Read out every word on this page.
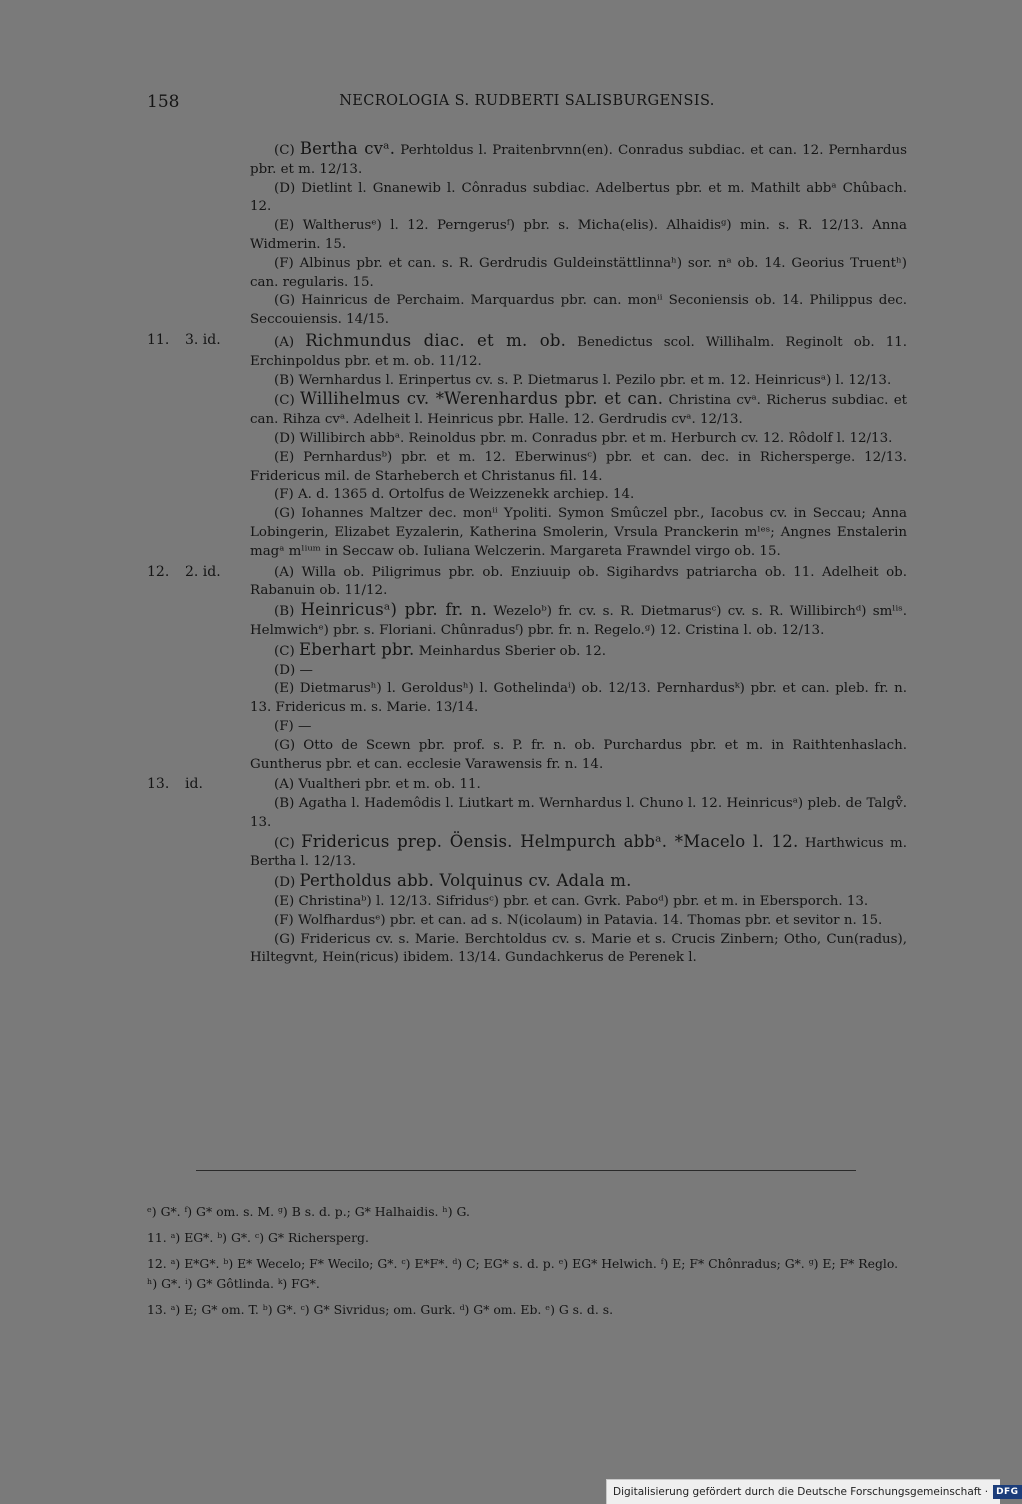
158	NECROLOGIA S. RUDBERTI SALISBURGENSIS.

(C) Bertha cvᵃ. Perhtoldus l. Praitenbrvnn(en). Conradus subdiac. et can. 12. Pernhardus pbr. et m. 12/13.

(D) Dietlint l. Gnanewib l. Cônradus subdiac. Adelbertus pbr. et m. Mathilt abbᵃ Chûbach. 12.

(E) Waltherusᵉ) l. 12. Perngerusᶠ) pbr. s. Micha(elis). Alhaidisᵍ) min. s. R. 12/13. Anna Widmerin. 15.

(F) Albinus pbr. et can. s. R. Gerdrudis Guldeinstättlinnaʰ) sor. nᵃ ob. 14. Georius Truentʰ) can. regularis. 15.

(G) Hainricus de Perchaim. Marquardus pbr. can. monⁱⁱ Seconiensis ob. 14. Philippus dec. Seccouiensis. 14/15.

11. 3. id.	(A) Richmundus diac. et m. ob. Benedictus scol. Willihalm. Reginolt ob. 11. Erchinpoldus pbr. et m. ob. 11/12.

(B) Wernhardus l. Erinpertus cv. s. P. Dietmarus l. Pezilo pbr. et m. 12. Heinricusᵃ) l. 12/13.

(C) Willihelmus cv. *Werenhardus pbr. et can. Christina cvᵃ. Richerus subdiac. et can. Rihza cvᵃ. Adelheit l. Heinricus pbr. Halle. 12. Gerdrudis cvᵃ. 12/13.

(D) Willibirch abbᵃ. Reinoldus pbr. m. Conradus pbr. et m. Herburch cv. 12. Rôdolf l. 12/13.

(E) Pernhardusᵇ) pbr. et m. 12. Eberwinusᶜ) pbr. et can. dec. in Richersperge. 12/13. Fridericus mil. de Starheberch et Christanus fil. 14.

(F) A. d. 1365 d. Ortolfus de Weizzenekk archiep. 14.

(G) Iohannes Maltzer dec. monⁱⁱ Ypoliti. Symon Smûczel pbr., Iacobus cv. in Seccau; Anna Lobingerin, Elizabet Eyzalerin, Katherina Smolerin, Vrsula Pranckerin mˡᵉˢ; Angnes Enstalerin magᵃ mˡⁱᵘᵐ in Seccaw ob. Iuliana Welczerin. Margareta Frawndel virgo ob. 15.

12. 2. id.	(A) Willa ob. Piligrimus pbr. ob. Enziuuip ob. Sigihardvs patriarcha ob. 11. Adelheit ob. Rabanuin ob. 11/12.

(B) Heinricusᵃ) pbr. fr. n. Wezeloᵇ) fr. cv. s. R. Dietmarusᶜ) cv. s. R. Willibirchᵈ) smˡⁱˢ. Helmwichᵉ) pbr. s. Floriani. Chûnradusᶠ) pbr. fr. n. Regelo.ᵍ) 12. Cristina l. ob. 12/13.

(C) Eberhart pbr. Meinhardus Sberier ob. 12.

(D) —

(E) Dietmarusʰ) l. Geroldusʰ) l. Gothelindaⁱ) ob. 12/13. Pernhardusᵏ) pbr. et can. pleb. fr. n. 13. Fridericus m. s. Marie. 13/14.

(F) —

(G) Otto de Scewn pbr. prof. s. P. fr. n. ob. Purchardus pbr. et m. in Raithtenhaslach. Guntherus pbr. et can. ecclesie Varawensis fr. n. 14.

13. id.	(A) Vualtheri pbr. et m. ob. 11.

(B) Agatha l. Hademôdis l. Liutkart m. Wernhardus l. Chuno l. 12. Heinricusᵃ) pleb. de Talgv̊. 13.

(C) Fridericus prep. Öensis. Helmpurch abbᵃ. *Macelo l. 12. Harthwicus m. Bertha l. 12/13.

(D) Pertholdus abb. Volquinus cv. Adala m.

(E) Christinaᵇ) l. 12/13. Sifridusᶜ) pbr. et can. Gvrk. Paboᵈ) pbr. et m. in Ebersporch. 13.

(F) Wolfhardusᵉ) pbr. et can. ad s. N(icolaum) in Patavia. 14. Thomas pbr. et sevitor n. 15.

(G) Fridericus cv. s. Marie. Berchtoldus cv. s. Marie et s. Crucis Zinbern; Otho, Cun(radus), Hiltegvnt, Hein(ricus) ibidem. 13/14. Gundachkerus de Perenek l.

ᵉ) G*. ᶠ) G* om. s. M. ᵍ) B s. d. p.; G* Halhaidis. ʰ) G.

11. ᵃ) EG*. ᵇ) G*. ᶜ) G* Richersperg.

12. ᵃ) E*G*. ᵇ) E* Wecelo; F* Wecilo; G*. ᶜ) E*F*. ᵈ) C; EG* s. d. p. ᵉ) EG* Helwich. ᶠ) E; F* Chônradus; G*. ᵍ) E; F* Reglo. ʰ) G*. ⁱ) G* Gôtlinda. ᵏ) FG*.

13. ᵃ) E; G* om. T. ᵇ) G*. ᶜ) G* Sivridus; om. Gurk. ᵈ) G* om. Eb. ᵉ) G s. d. s.

Digitalisierung gefördert durch die Deutsche Forschungsgemeinschaft · DFG
